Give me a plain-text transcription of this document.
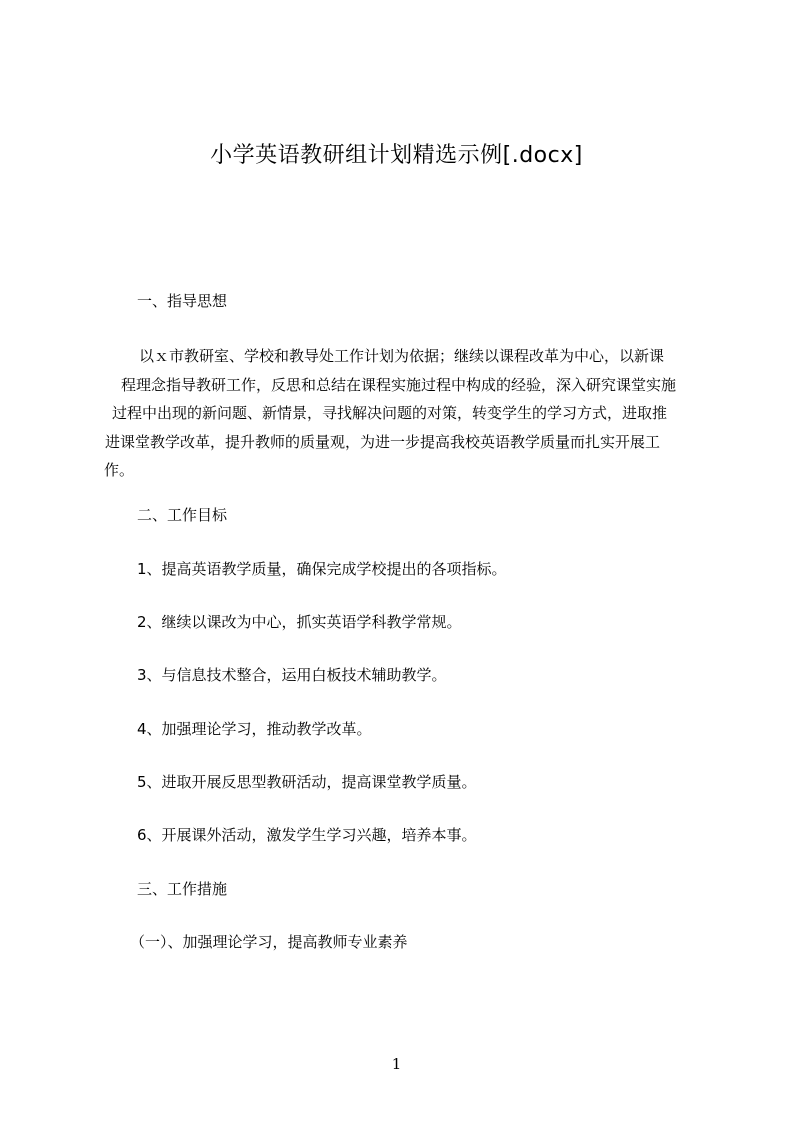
小学英语教研组计划精选示例[.docx]
一、指导思想
以ｘ市教研室、学校和教导处工作计划为依据；继续以课程改革为中心，以新课
程理念指导教研工作，反思和总结在课程实施过程中构成的经验，深入研究课堂实施
过程中出现的新问题、新情景，寻找解决问题的对策，转变学生的学习方式，进取推
进课堂教学改革，提升教师的质量观，为进一步提高我校英语教学质量而扎实开展工
作。
二、工作目标
1、提高英语教学质量，确保完成学校提出的各项指标。
2、继续以课改为中心，抓实英语学科教学常规。
3、与信息技术整合，运用白板技术辅助教学。
4、加强理论学习，推动教学改革。
5、进取开展反思型教研活动，提高课堂教学质量。
6、开展课外活动，激发学生学习兴趣，培养本事。
三、工作措施
（一）、加强理论学习，提高教师专业素养
1
